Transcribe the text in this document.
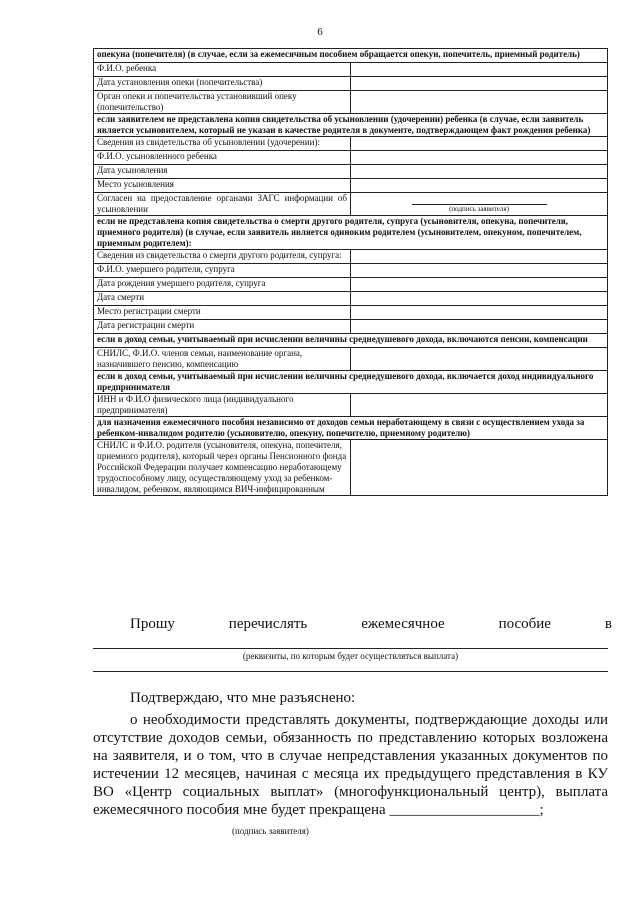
6
опекуна (попечителя) (в случае, если за ежемесячным пособием обращается опекун, попечитель, приемный родитель)	
Ф.И.О. ребенка	
Дата установления опеки (попечительства)	
Орган опеки и попечительства установивший опеку (попечительство)	
если заявителем не представлена копия свидетельства об усыновлении (удочерении) ребенка (в случае, если заявитель является усыновителем, который не указан в качестве родителя в документе, подтверждающем факт рождения ребенка)	
Сведения из свидетельства об усыновлении (удочерении):	
Ф.И.О. усыновленного ребенка	
Дата усыновления	
Место усыновления	
Согласен на предоставление органами ЗАГС информации об усыновлении	(подпись заявителя)

если не представлена копия свидетельства о смерти другого родителя, супруга (усыновителя, опекуна, попечителя, приемного родителя) (в случае, если заявитель является одиноким родителем (усыновителем, опекуном, попечителем, приемным родителем):	
Сведения из свидетельства о смерти другого родителя, супруга:	
Ф.И.О. умершего родителя, супруга	
Дата рождения умершего родителя, супруга	
Дата смерти	
Место регистрации смерти	
Дата регистрации смерти	
если в доход семьи, учитываемый при исчислении величины среднедушевого дохода, включаются пенсии, компенсации	
СНИЛС, Ф.И.О. членов семьи, наименование органа, назначившего пенсию, компенсацию	
если в доход семьи, учитываемый при исчислении величины среднедушевого дохода, включается доход индивидуального предпринимателя	
ИНН и Ф.И.О физического лица (индивидуального предпринимателя)	
для назначения ежемесячного пособия независимо от доходов семьи неработающему в связи с осуществлением ухода за ребенком-инвалидом родителю (усыновителю, опекуну, попечителю, приемному родителю)	
СНИЛС и Ф.И.О. родителя (усыновителя, опекуна, попечителя, приемного родителя), который через органы Пенсионного фонда Российской Федерации получает компенсацию неработающему трудоспособному лицу, осуществляющему уход за ребенком-инвалидом, ребенком, являющимся ВИЧ-инфицированным	
Прошу	перечислять	ежемесячное	пособие	в
(реквизиты, по которым будет осуществляться выплата)
Подтверждаю, что мне разъяснено:
о необходимости представлять документы, подтверждающие доходы или отсутствие доходов семьи, обязанность по представлению которых возложена на заявителя, и о том, что в случае непредставления указанных документов по истечении 12 месяцев, начиная с месяца их предыдущего представления в КУ ВО «Центр социальных выплат» (многофункциональный центр), выплата ежемесячного пособия мне будет прекращена ____________________;
(подпись заявителя)
